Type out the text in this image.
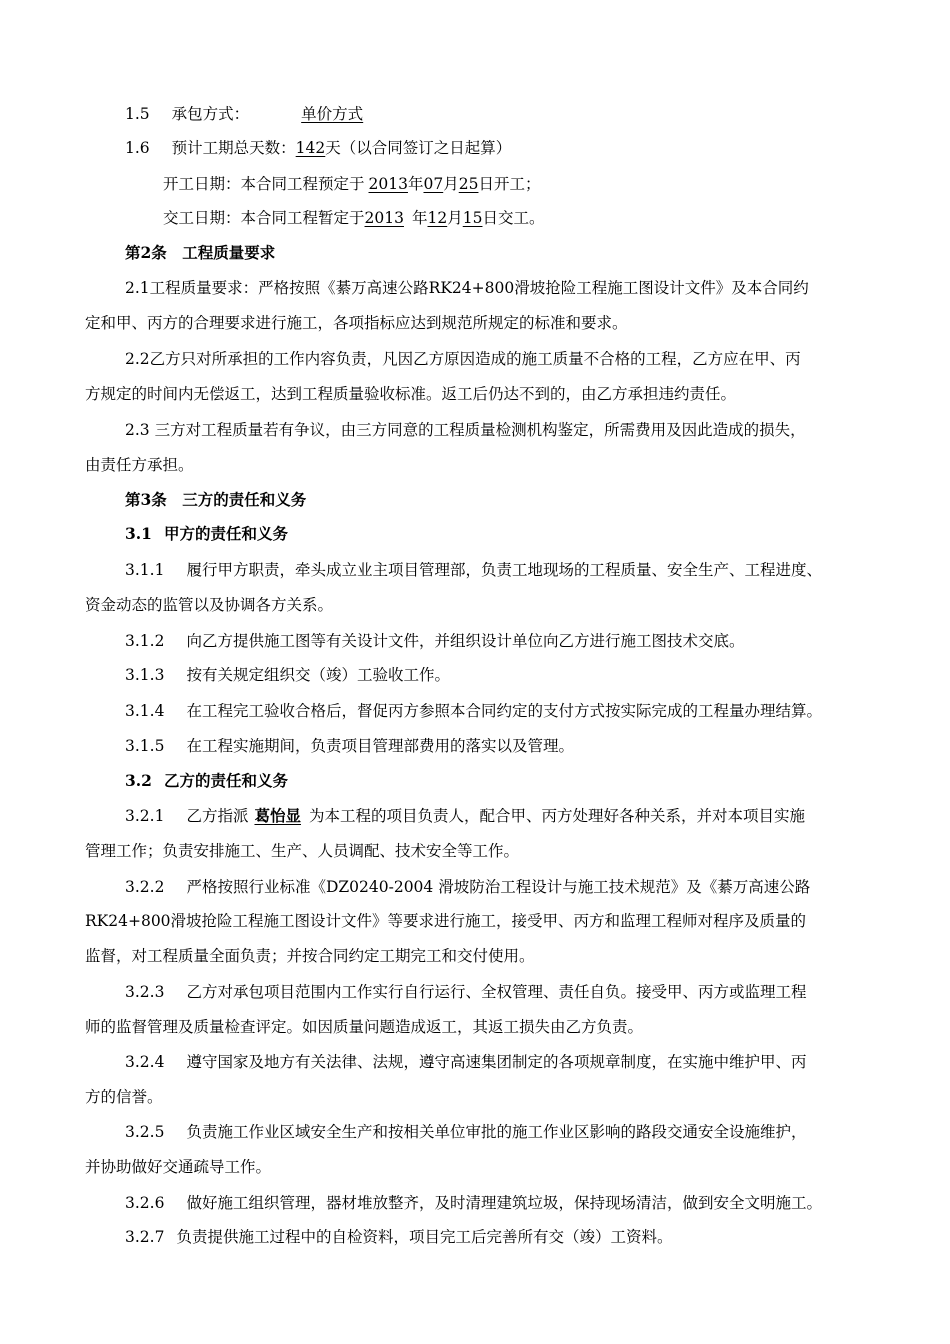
1.5 承包方式：	单价方式
1.6 预计工期总天数：142天（以合同签订之日起算）
开工日期：本合同工程预定于 2013年07月25日开工；
交工日期：本合同工程暂定于2013 年12月15日交工。
第2条　工程质量要求
2.1工程质量要求：严格按照《綦万高速公路RK24+800滑坡抢险工程施工图设计文件》及本合同约
定和甲、丙方的合理要求进行施工，各项指标应达到规范所规定的标准和要求。
2.2乙方只对所承担的工作内容负责，凡因乙方原因造成的施工质量不合格的工程，乙方应在甲、丙
方规定的时间内无偿返工，达到工程质量验收标准。返工后仍达不到的，由乙方承担违约责任。
2.3 三方对工程质量若有争议，由三方同意的工程质量检测机构鉴定，所需费用及因此造成的损失，
由责任方承担。
第3条　三方的责任和义务
3.1 甲方的责任和义务
3.1.1 履行甲方职责，牵头成立业主项目管理部，负责工地现场的工程质量、安全生产、工程进度、
资金动态的监管以及协调各方关系。
3.1.2 向乙方提供施工图等有关设计文件，并组织设计单位向乙方进行施工图技术交底。
3.1.3 按有关规定组织交（竣）工验收工作。
3.1.4 在工程完工验收合格后，督促丙方参照本合同约定的支付方式按实际完成的工程量办理结算。
3.1.5 在工程实施期间，负责项目管理部费用的落实以及管理。
3.2 乙方的责任和义务
3.2.1 乙方指派 葛怡显 为本工程的项目负责人，配合甲、丙方处理好各种关系，并对本项目实施
管理工作；负责安排施工、生产、人员调配、技术安全等工作。
3.2.2 严格按照行业标准《DZ0240-2004 滑坡防治工程设计与施工技术规范》及《綦万高速公路
RK24+800滑坡抢险工程施工图设计文件》等要求进行施工，接受甲、丙方和监理工程师对程序及质量的
监督，对工程质量全面负责；并按合同约定工期完工和交付使用。
3.2.3 乙方对承包项目范围内工作实行自行运行、全权管理、责任自负。接受甲、丙方或监理工程
师的监督管理及质量检查评定。如因质量问题造成返工，其返工损失由乙方负责。
3.2.4 遵守国家及地方有关法律、法规，遵守高速集团制定的各项规章制度，在实施中维护甲、丙
方的信誉。
3.2.5 负责施工作业区域安全生产和按相关单位审批的施工作业区影响的路段交通安全设施维护，
并协助做好交通疏导工作。
3.2.6 做好施工组织管理，器材堆放整齐，及时清理建筑垃圾，保持现场清洁，做到安全文明施工。
3.2.7 负责提供施工过程中的自检资料，项目完工后完善所有交（竣）工资料。
